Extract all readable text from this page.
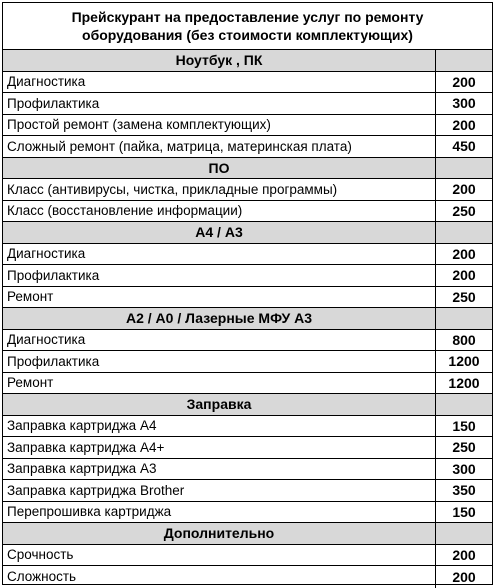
Прейскурант на предоставление услуг по ремонту
оборудования (без стоимости комплектующих)
Ноутбук , ПК
Диагностика	200
Профилактика	300
Простой ремонт (замена комплектующих)	200
Сложный ремонт (пайка, матрица, материнская плата)	450
ПО
Класс (антивирусы, чистка, прикладные программы)	200
Класс (восстановление информации)	250
А4 / А3
Диагностика	200
Профилактика	200
Ремонт	250
А2 / А0 / Лазерные МФУ А3
Диагностика	800
Профилактика	1200
Ремонт	1200
Заправка
Заправка картриджа А4	150
Заправка картриджа А4+	250
Заправка картриджа А3	300
Заправка картриджа Brother	350
Перепрошивка картриджа	150
Дополнительно
Срочность	200
Сложность	200
